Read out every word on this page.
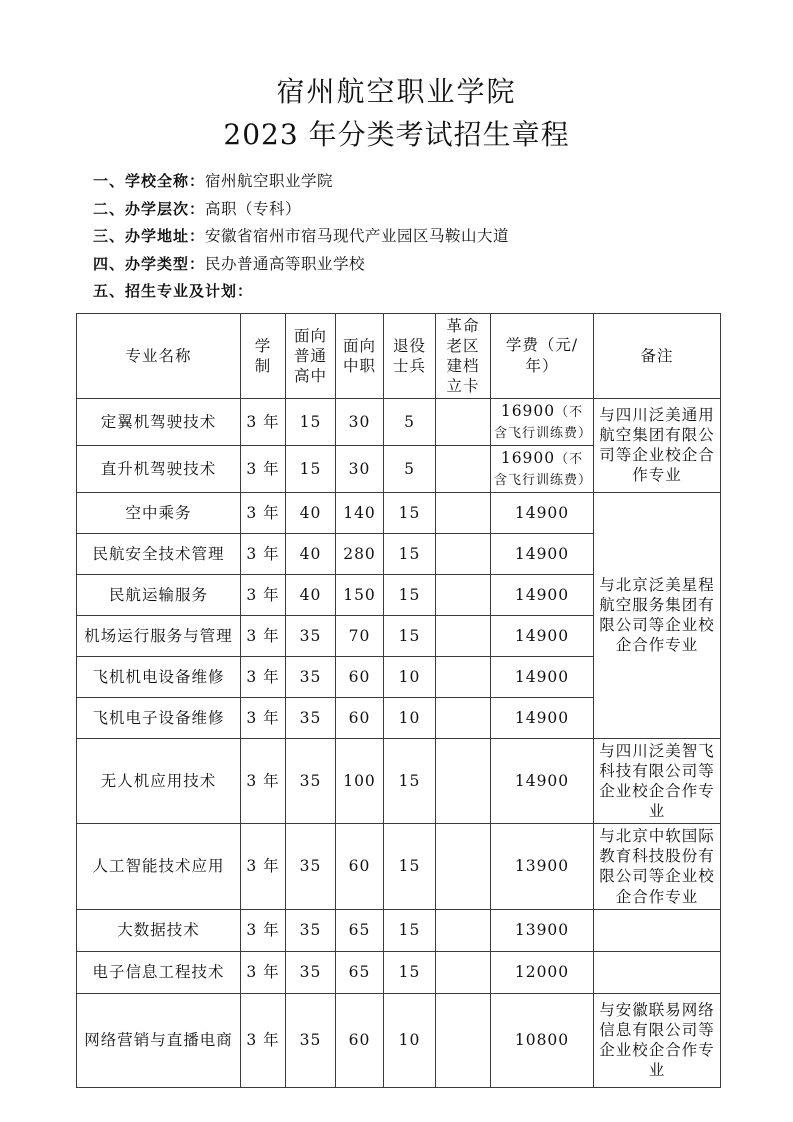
宿州航空职业学院
2023 年分类考试招生章程
一、学校全称：宿州航空职业学院
二、办学层次：高职（专科）
三、办学地址：安徽省宿州市宿马现代产业园区马鞍山大道
四、办学类型：民办普通高等职业学校
五、招生专业及计划：
专业名称	学制	面向普通高中	面向中职	退役士兵	革命老区建档立卡	学费（元/年）	备注
定翼机驾驶技术	3 年	15	30	5		16900（不含飞行训练费）	与四川泛美通用航空集团有限公司等企业校企合作专业
直升机驾驶技术	3 年	15	30	5		16900（不含飞行训练费）	
空中乘务	3 年	40	140	15		14900	与北京泛美星程航空服务集团有限公司等企业校企合作专业
民航安全技术管理	3 年	40	280	15		14900	
民航运输服务	3 年	40	150	15		14900	
机场运行服务与管理	3 年	35	70	15		14900	
飞机机电设备维修	3 年	35	60	10		14900	
飞机电子设备维修	3 年	35	60	10		14900	
无人机应用技术	3 年	35	100	15		14900	与四川泛美智飞科技有限公司等企业校企合作专业
人工智能技术应用	3 年	35	60	15		13900	与北京中软国际教育科技股份有限公司等企业校企合作专业
大数据技术	3 年	35	65	15		13900	
电子信息工程技术	3 年	35	65	15		12000	
网络营销与直播电商	3 年	35	60	10		10800	与安徽联易网络信息有限公司等企业校企合作专业
